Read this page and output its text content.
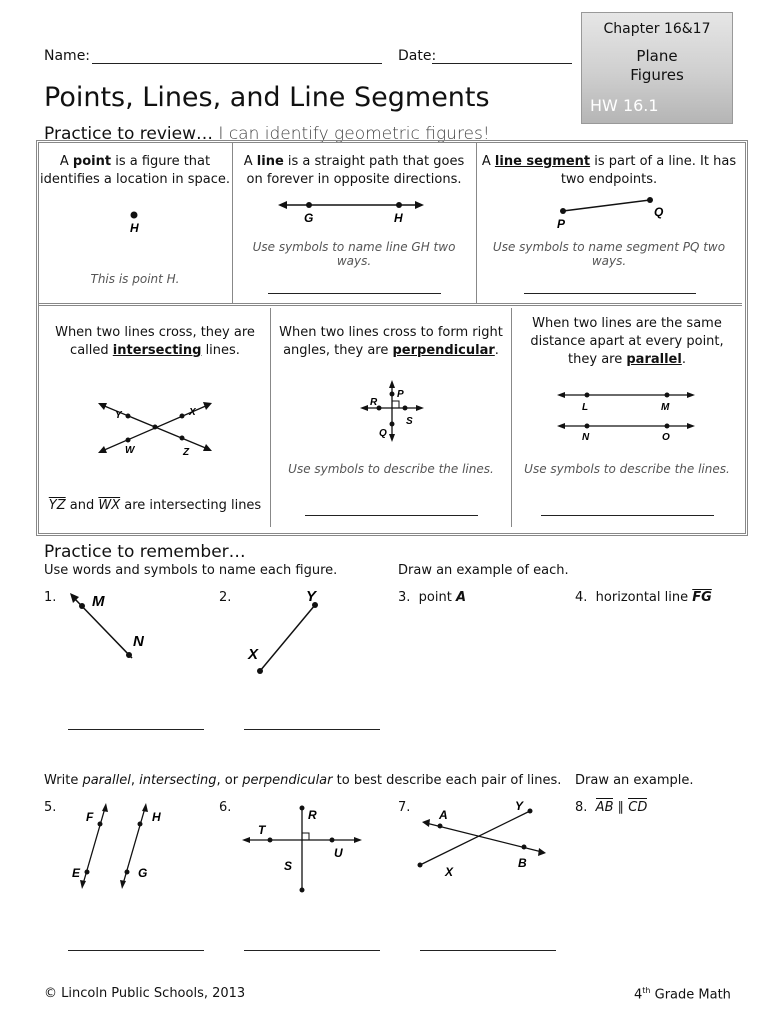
Name:	Date:
Chapter 16&17
Plane
Figures
HW 16.1
Points, Lines, and Line Segments
Practice to review… I can identify geometric figures!
A point is a figure that identifies a location in space.
H
This is point H.
A line is a straight path that goes on forever in opposite directions.
G	H
Use symbols to name line GH two ways.
A line segment is part of a line. It has two endpoints.
P
Q
Use symbols to name segment PQ two ways.
When two lines cross, they are called intersecting lines.
Y	X
W	Z
$\overline{YZ}$ and $\overline{WX}$ are intersecting lines
When two lines cross to form right angles, they are perpendicular.
R
P
S
Q
Use symbols to describe the lines.
When two lines are the same distance apart at every point, they are parallel.
L	M
N	O
Use symbols to describe the lines.
Practice to remember…
Use words and symbols to name each figure.	Draw an example of each.
1. M
N
2.	Y
X
3. point A	4. horizontal line $\overline{FG}$
Write parallel, intersecting, or perpendicular to best describe each pair of lines. Draw an example.
5.
F	H
E	G
6.	R
T
S
U
7.	Y
A
B
X
8. AB ∥ CD
© Lincoln Public Schools, 2013	4th Grade Math
